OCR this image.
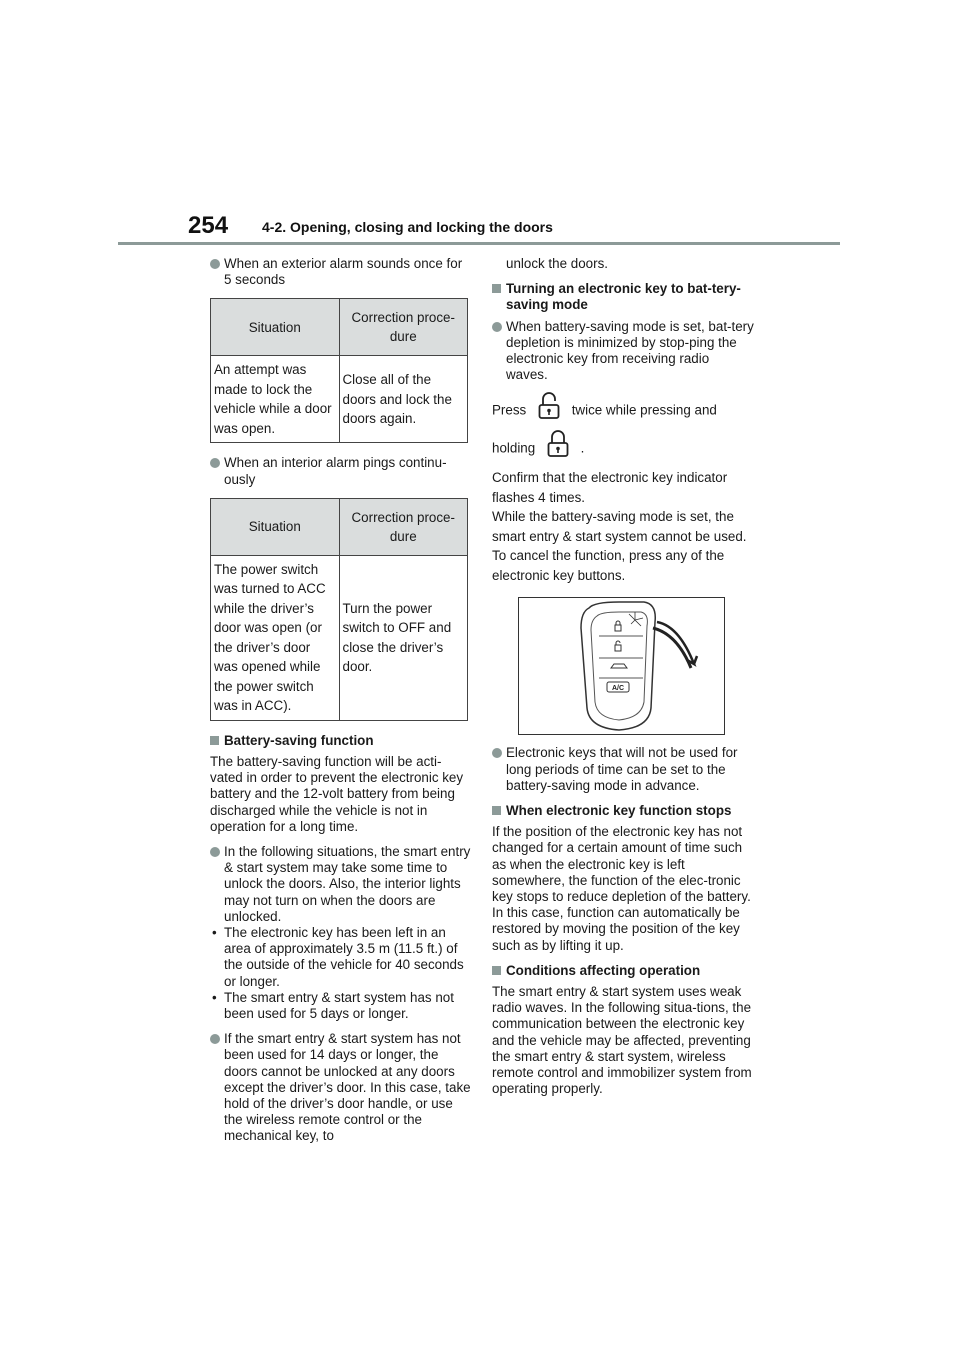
254 4-2. Opening, closing and locking the doors
When an exterior alarm sounds once for 5 seconds
Situation	Correction proce-dure
An attempt was made to lock the vehicle while a door was open.	Close all of the doors and lock the doors again.
When an interior alarm pings continu-ously
Situation	Correction proce-dure
The power switch was turned to ACC while the driver’s door was open (or the driver’s door was opened while the power switch was in ACC).	Turn the power switch to OFF and close the driver’s door.
Battery-saving function
The battery-saving function will be acti-vated in order to prevent the electronic key battery and the 12-volt battery from being discharged while the vehicle is not in operation for a long time.
In the following situations, the smart entry & start system may take some time to unlock the doors. Also, the interior lights may not turn on when the doors are unlocked.
• The electronic key has been left in an area of approximately 3.5 m (11.5 ft.) of the outside of the vehicle for 40 seconds or longer.
• The smart entry & start system has not been used for 5 days or longer.
If the smart entry & start system has not been used for 14 days or longer, the doors cannot be unlocked at any doors except the driver’s door. In this case, take hold of the driver’s door handle, or use the wireless remote control or the mechanical key, to
unlock the doors.
Turning an electronic key to bat-tery-saving mode
When battery-saving mode is set, bat-tery depletion is minimized by stop-ping the electronic key from receiving radio waves.
Press	twice while pressing and
holding	.
Confirm that the electronic key indicator flashes 4 times.
While the battery-saving mode is set, the smart entry & start system cannot be used. To cancel the function, press any of the electronic key buttons.
A/C
Electronic keys that will not be used for long periods of time can be set to the battery-saving mode in advance.
When electronic key function stops
If the position of the electronic key has not changed for a certain amount of time such as when the electronic key is left somewhere, the function of the elec-tronic key stops to reduce depletion of the battery.
In this case, function can automatically be restored by moving the position of the key such as by lifting it up.
Conditions affecting operation
The smart entry & start system uses weak radio waves. In the following situa-tions, the communication between the electronic key and the vehicle may be affected, preventing the smart entry & start system, wireless remote control and immobilizer system from operating properly.
